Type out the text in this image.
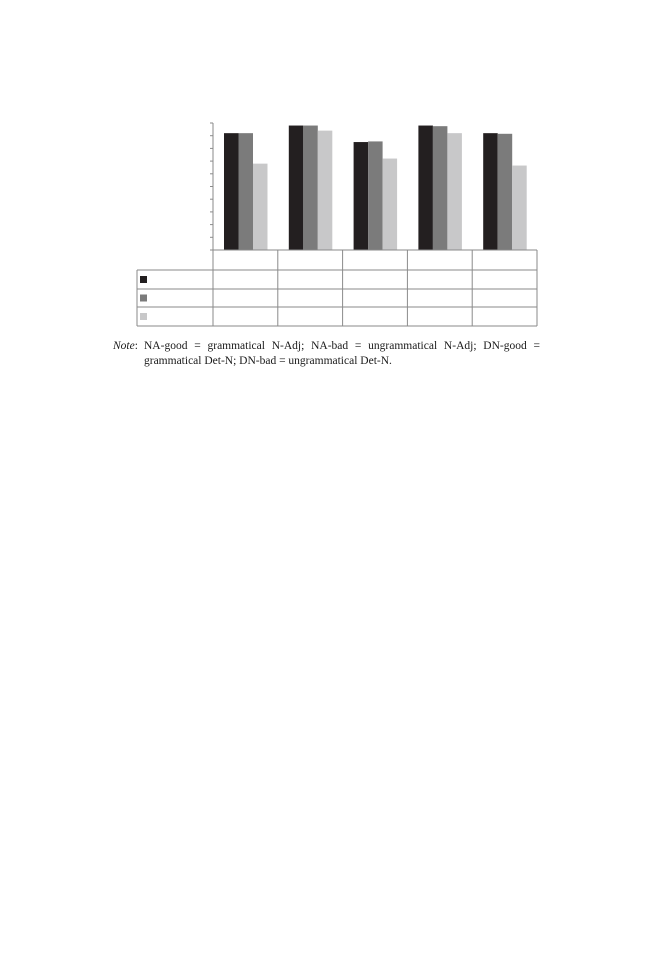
Note: NA-good = grammatical N-Adj; NA-bad = ungrammatical N-Adj; DN-good = grammatical Det-N; DN-bad = ungrammatical Det-N.
